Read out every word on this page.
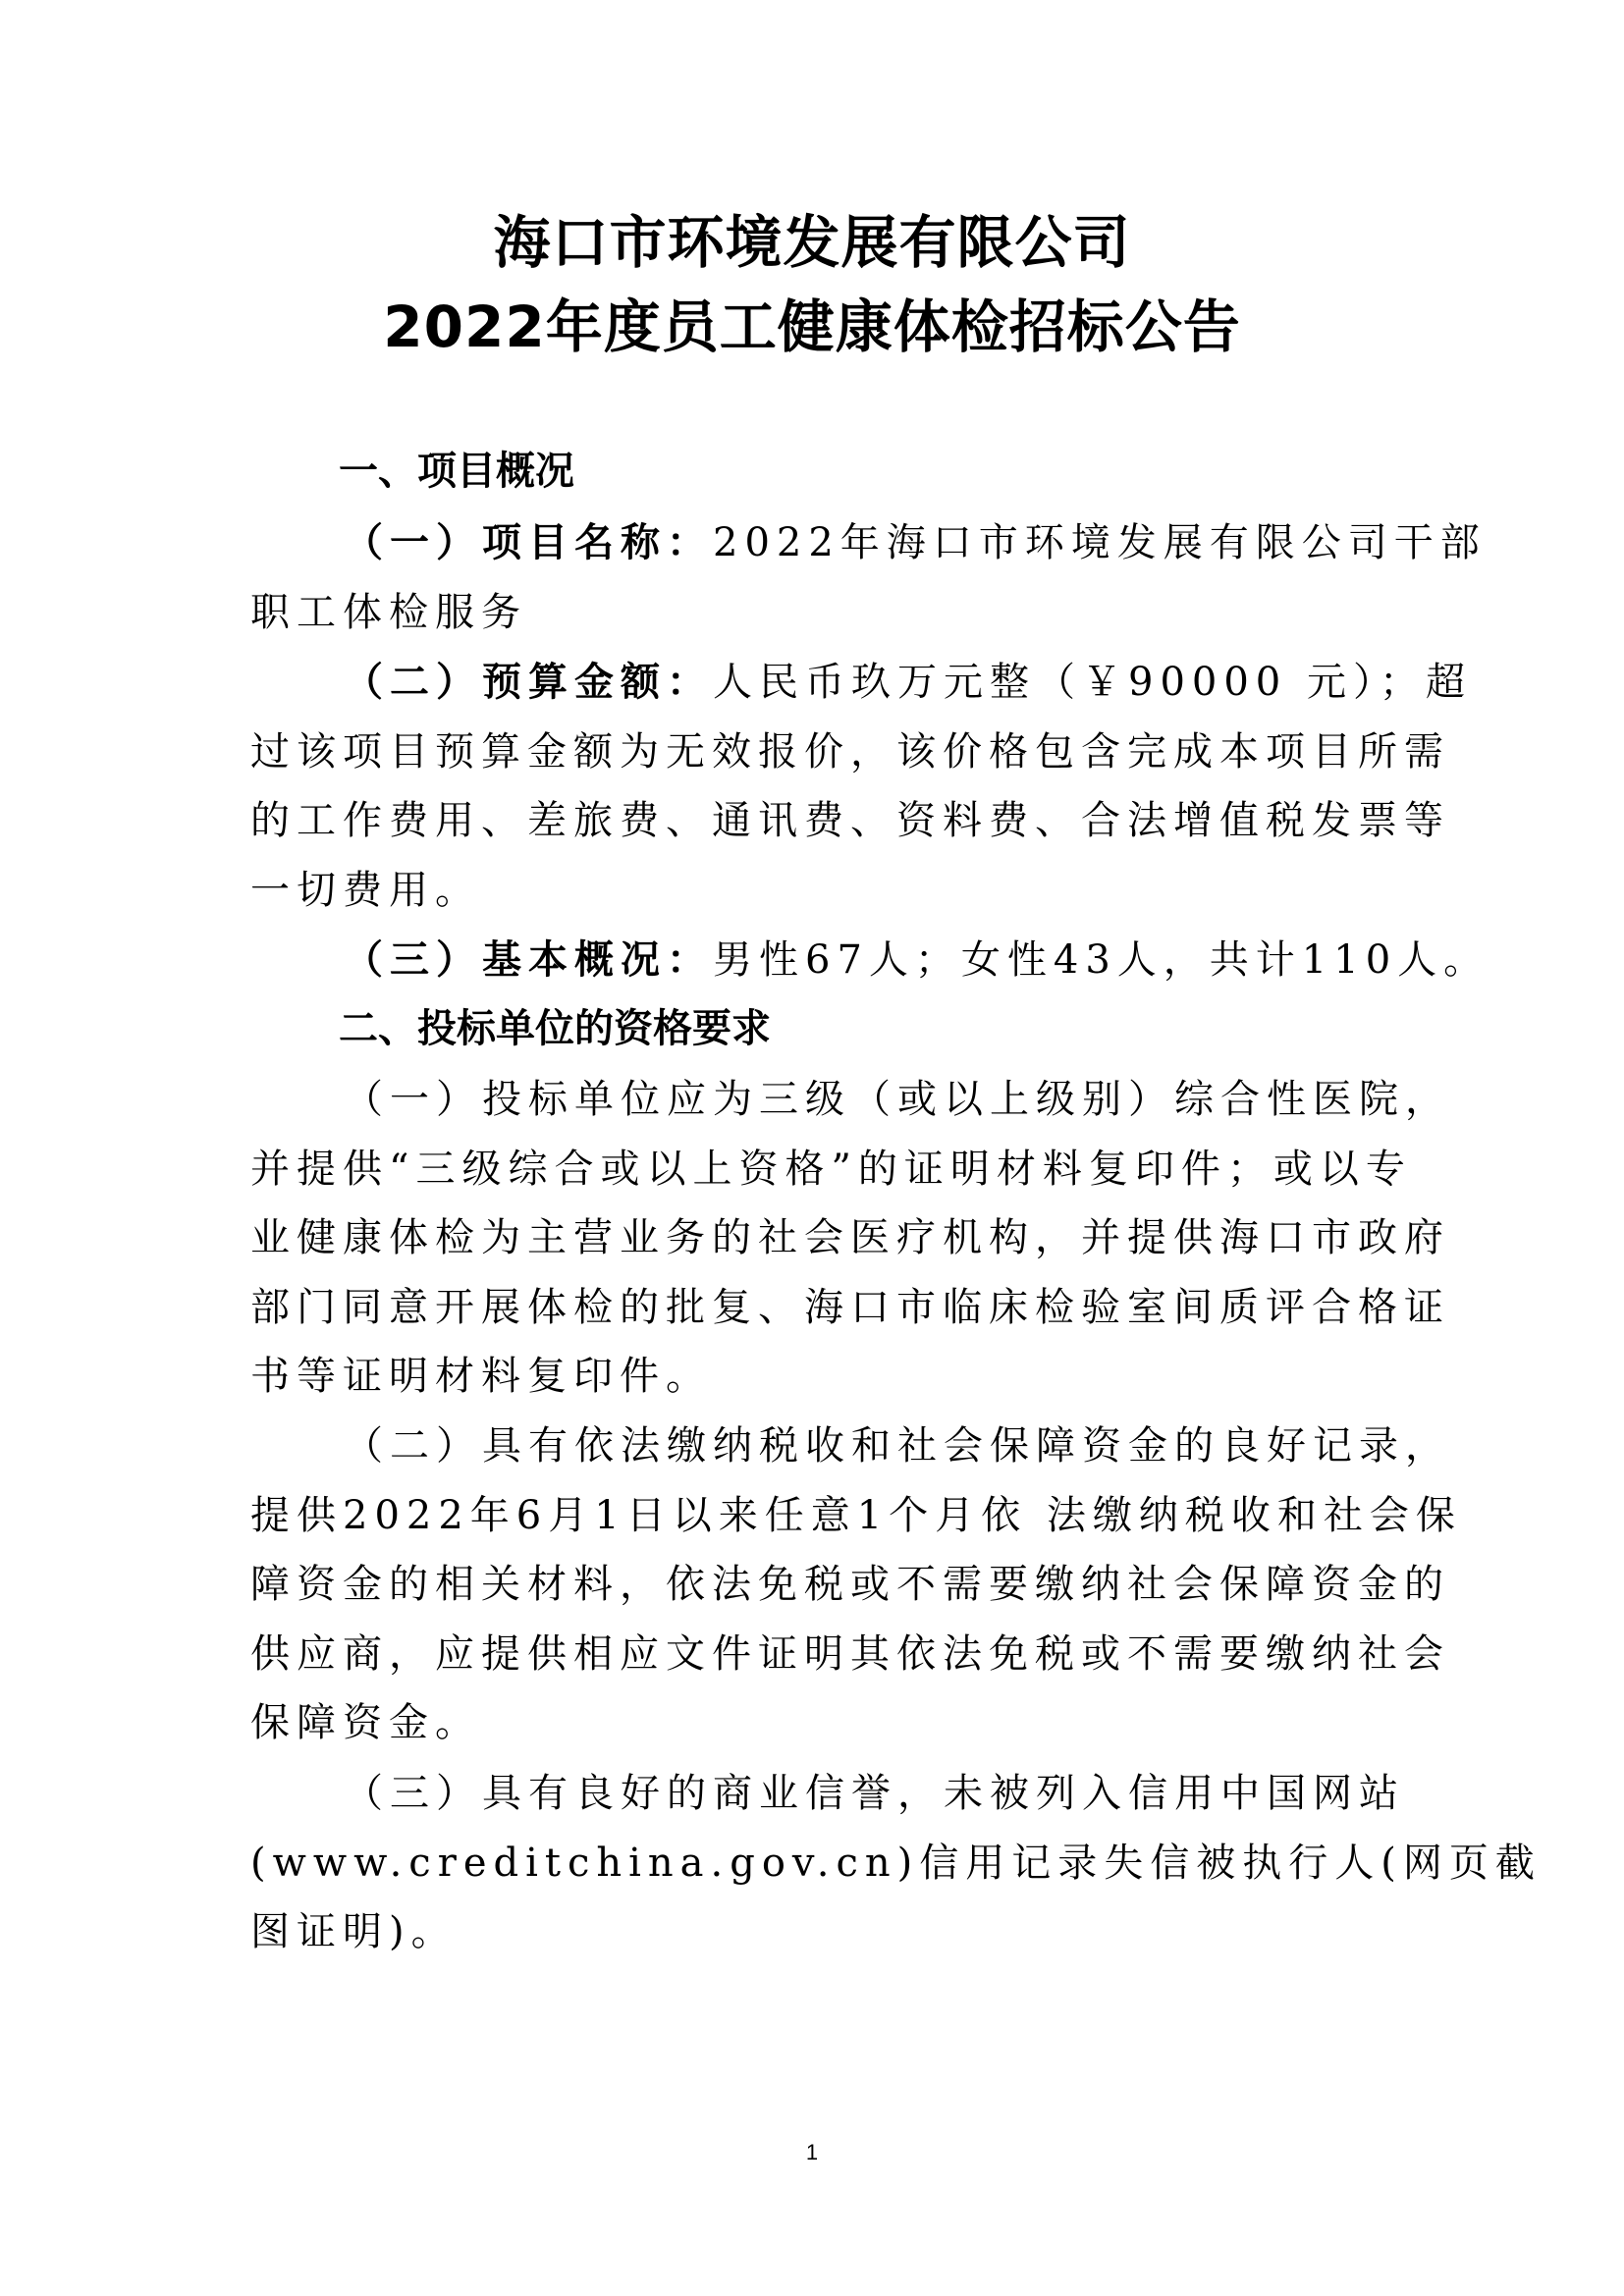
海口市环境发展有限公司
2022年度员工健康体检招标公告
一、项目概况
（一）项目名称：2022年海口市环境发展有限公司干部
职工体检服务
（二）预算金额：人民币玖万元整（￥90000 元）；超
过该项目预算金额为无效报价，该价格包含完成本项目所需
的工作费用、差旅费、通讯费、资料费、合法增值税发票等
一切费用。
（三）基本概况：男性67人；女性43人，共计110人。
二、投标单位的资格要求
（一）投标单位应为三级（或以上级别）综合性医院，
并提供“三级综合或以上资格”的证明材料复印件；或以专
业健康体检为主营业务的社会医疗机构，并提供海口市政府
部门同意开展体检的批复、海口市临床检验室间质评合格证
书等证明材料复印件。
（二）具有依法缴纳税收和社会保障资金的良好记录，
提供2022年6月1日以来任意1个月依 法缴纳税收和社会保
障资金的相关材料，依法免税或不需要缴纳社会保障资金的
供应商，应提供相应文件证明其依法免税或不需要缴纳社会
保障资金。
（三）具有良好的商业信誉，未被列入信用中国网站
(www.creditchina.gov.cn)信用记录失信被执行人(网页截
图证明)。
1
